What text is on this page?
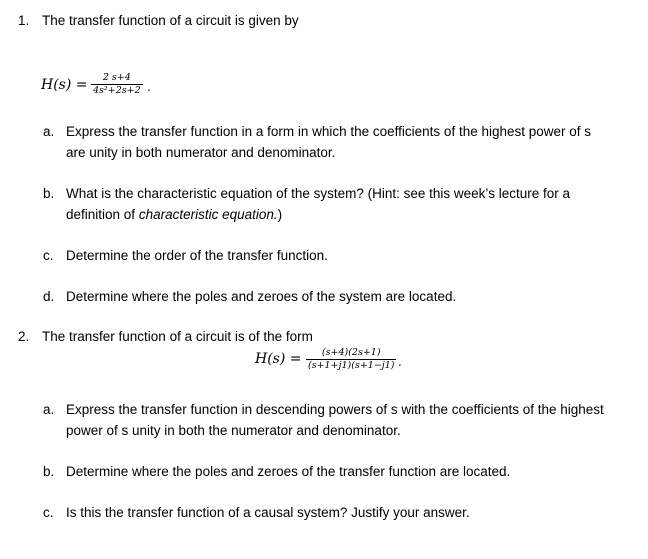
1. The transfer function of a circuit is given by
$H(s) = \frac{2 s+4}{\text{4s²+2s+2}}$ .
a. Express the transfer function in a form in which the coefficients of the highest power of s
are unity in both numerator and denominator.
b. What is the characteristic equation of the system? (Hint: see this week’s lecture for a
definition of characteristic equation.)
c. Determine the order of the transfer function.
d. Determine where the poles and zeroes of the system are located.
2. The transfer function of a circuit is of the form
$H(s) = \frac{(s+4)(2s+1)}{(s+1+j1)(s+1-j1)}$ .
a. Express the transfer function in descending powers of s with the coefficients of the highest
power of s unity in both the numerator and denominator.
b. Determine where the poles and zeroes of the transfer function are located.
c. Is this the transfer function of a causal system? Justify your answer.
